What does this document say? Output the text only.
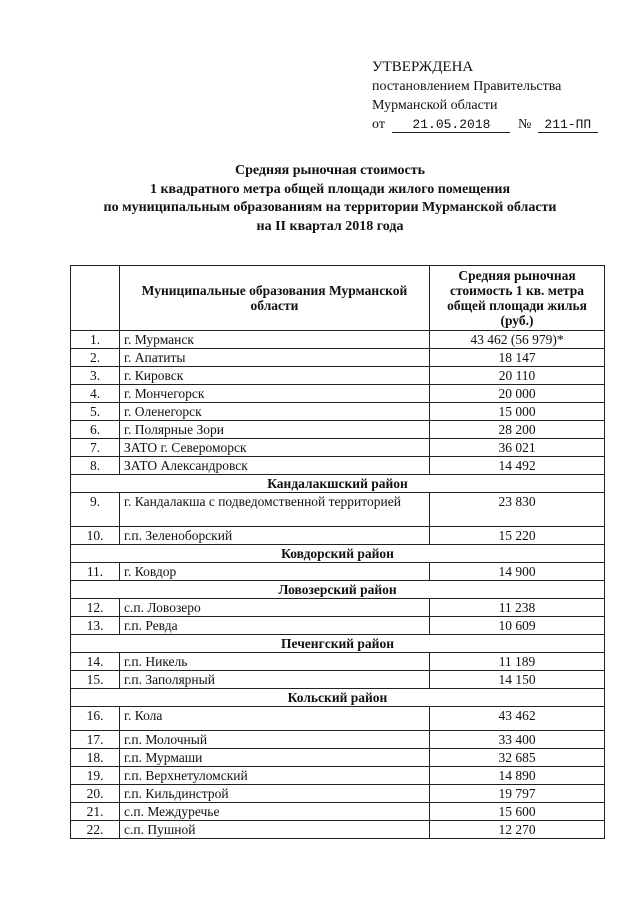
УТВЕРЖДЕНА
постановлением Правительства
Мурманской области
от 21.05.2018 № 211-ПП
Средняя рыночная стоимость
1 квадратного метра общей площади жилого помещения
по муниципальным образованиям на территории Мурманской области
на II квартал 2018 года
	Муниципальные образования Мурманской области	Средняя рыночная стоимость 1 кв. метра общей площади жилья (руб.)
1.	г. Мурманск	43 462 (56 979)*
2.	г. Апатиты	18 147
3.	г. Кировск	20 110
4.	г. Мончегорск	20 000
5.	г. Оленегорск	15 000
6.	г. Полярные Зори	28 200
7.	ЗАТО г. Североморск	36 021
8.	ЗАТО Александровск	14 492
Кандалакшский район		
9.	г. Кандалакша с подведомственной территорией	23 830
10.	г.п. Зеленоборский	15 220
Ковдорский район		
11.	г. Ковдор	14 900
Ловозерский район		
12.	с.п. Ловозеро	11 238
13.	г.п. Ревда	10 609
Печенгский район		
14.	г.п. Никель	11 189
15.	г.п. Заполярный	14 150
Кольский район		
16.	г. Кола	43 462
17.	г.п. Молочный	33 400
18.	г.п. Мурмаши	32 685
19.	г.п. Верхнетуломский	14 890
20.	г.п. Кильдинстрой	19 797
21.	с.п. Междуречье	15 600
22.	с.п. Пушной	12 270
